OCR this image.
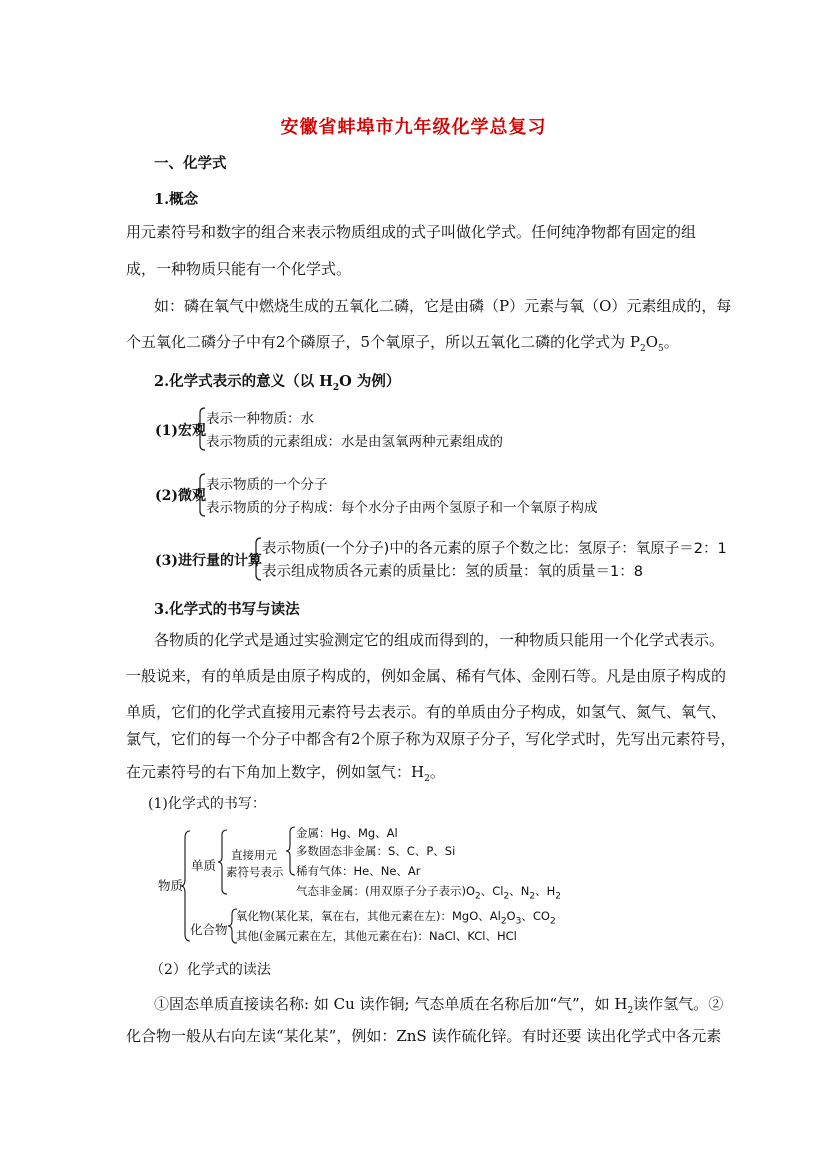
安徽省蚌埠市九年级化学总复习
一、化学式
1.概念
用元素符号和数字的组合来表示物质组成的式子叫做化学式。任何纯净物都有固定的组
成，一种物质只能有一个化学式。
如：磷在氧气中燃烧生成的五氧化二磷，它是由磷（P）元素与氧（O）元素组成的，每
个五氧化二磷分子中有2个磷原子，5个氧原子，所以五氧化二磷的化学式为 $P_2O_5$。
2.化学式表示的意义（以 $H_2O$ 为例）
(1)宏观
表示一种物质：水
表示物质的元素组成：水是由氢氧两种元素组成的
(2)微观
表示物质的一个分子
表示物质的分子构成：每个水分子由两个氢原子和一个氧原子构成
(3)进行量的计算
表示物质(一个分子)中的各元素的原子个数之比：氢原子：氧原子＝2：1
表示组成物质各元素的质量比：氢的质量：氧的质量＝1：8
3.化学式的书写与读法
各物质的化学式是通过实验测定它的组成而得到的，一种物质只能用一个化学式表示。
一般说来，有的单质是由原子构成的，例如金属、稀有气体、金刚石等。凡是由原子构成的
单质，它们的化学式直接用元素符号去表示。有的单质由分子构成，如氢气、氮气、氧气、
氯气，它们的每一个分子中都含有2个原子称为双原子分子，写化学式时，先写出元素符号，
在元素符号的右下角加上数字，例如氢气：$H_2$。
(1)化学式的书写：
物质
单质
直接用元
素符号表示
金属：Hg、Mg、Al
多数固态非金属：S、C、P、Si
稀有气体：He、Ne、Ar
气态非金属：(用双原子分子表示)$O_2$、$Cl_2$、$N_2$、$H_2$
化合物
氧化物(某化某，氧在右，其他元素在左)：MgO、$Al_2O_3$、$CO_2$
其他(金属元素在左，其他元素在右)：NaCl、KCl、HCl
（2）化学式的读法
①固态单质直接读名称: 如 Cu 读作铜; 气态单质在名称后加“气”，如 $H_2$读作氢气。②
化合物一般从右向左读“某化某”，例如：ZnS 读作硫化锌。有时还要 读出化学式中各元素
